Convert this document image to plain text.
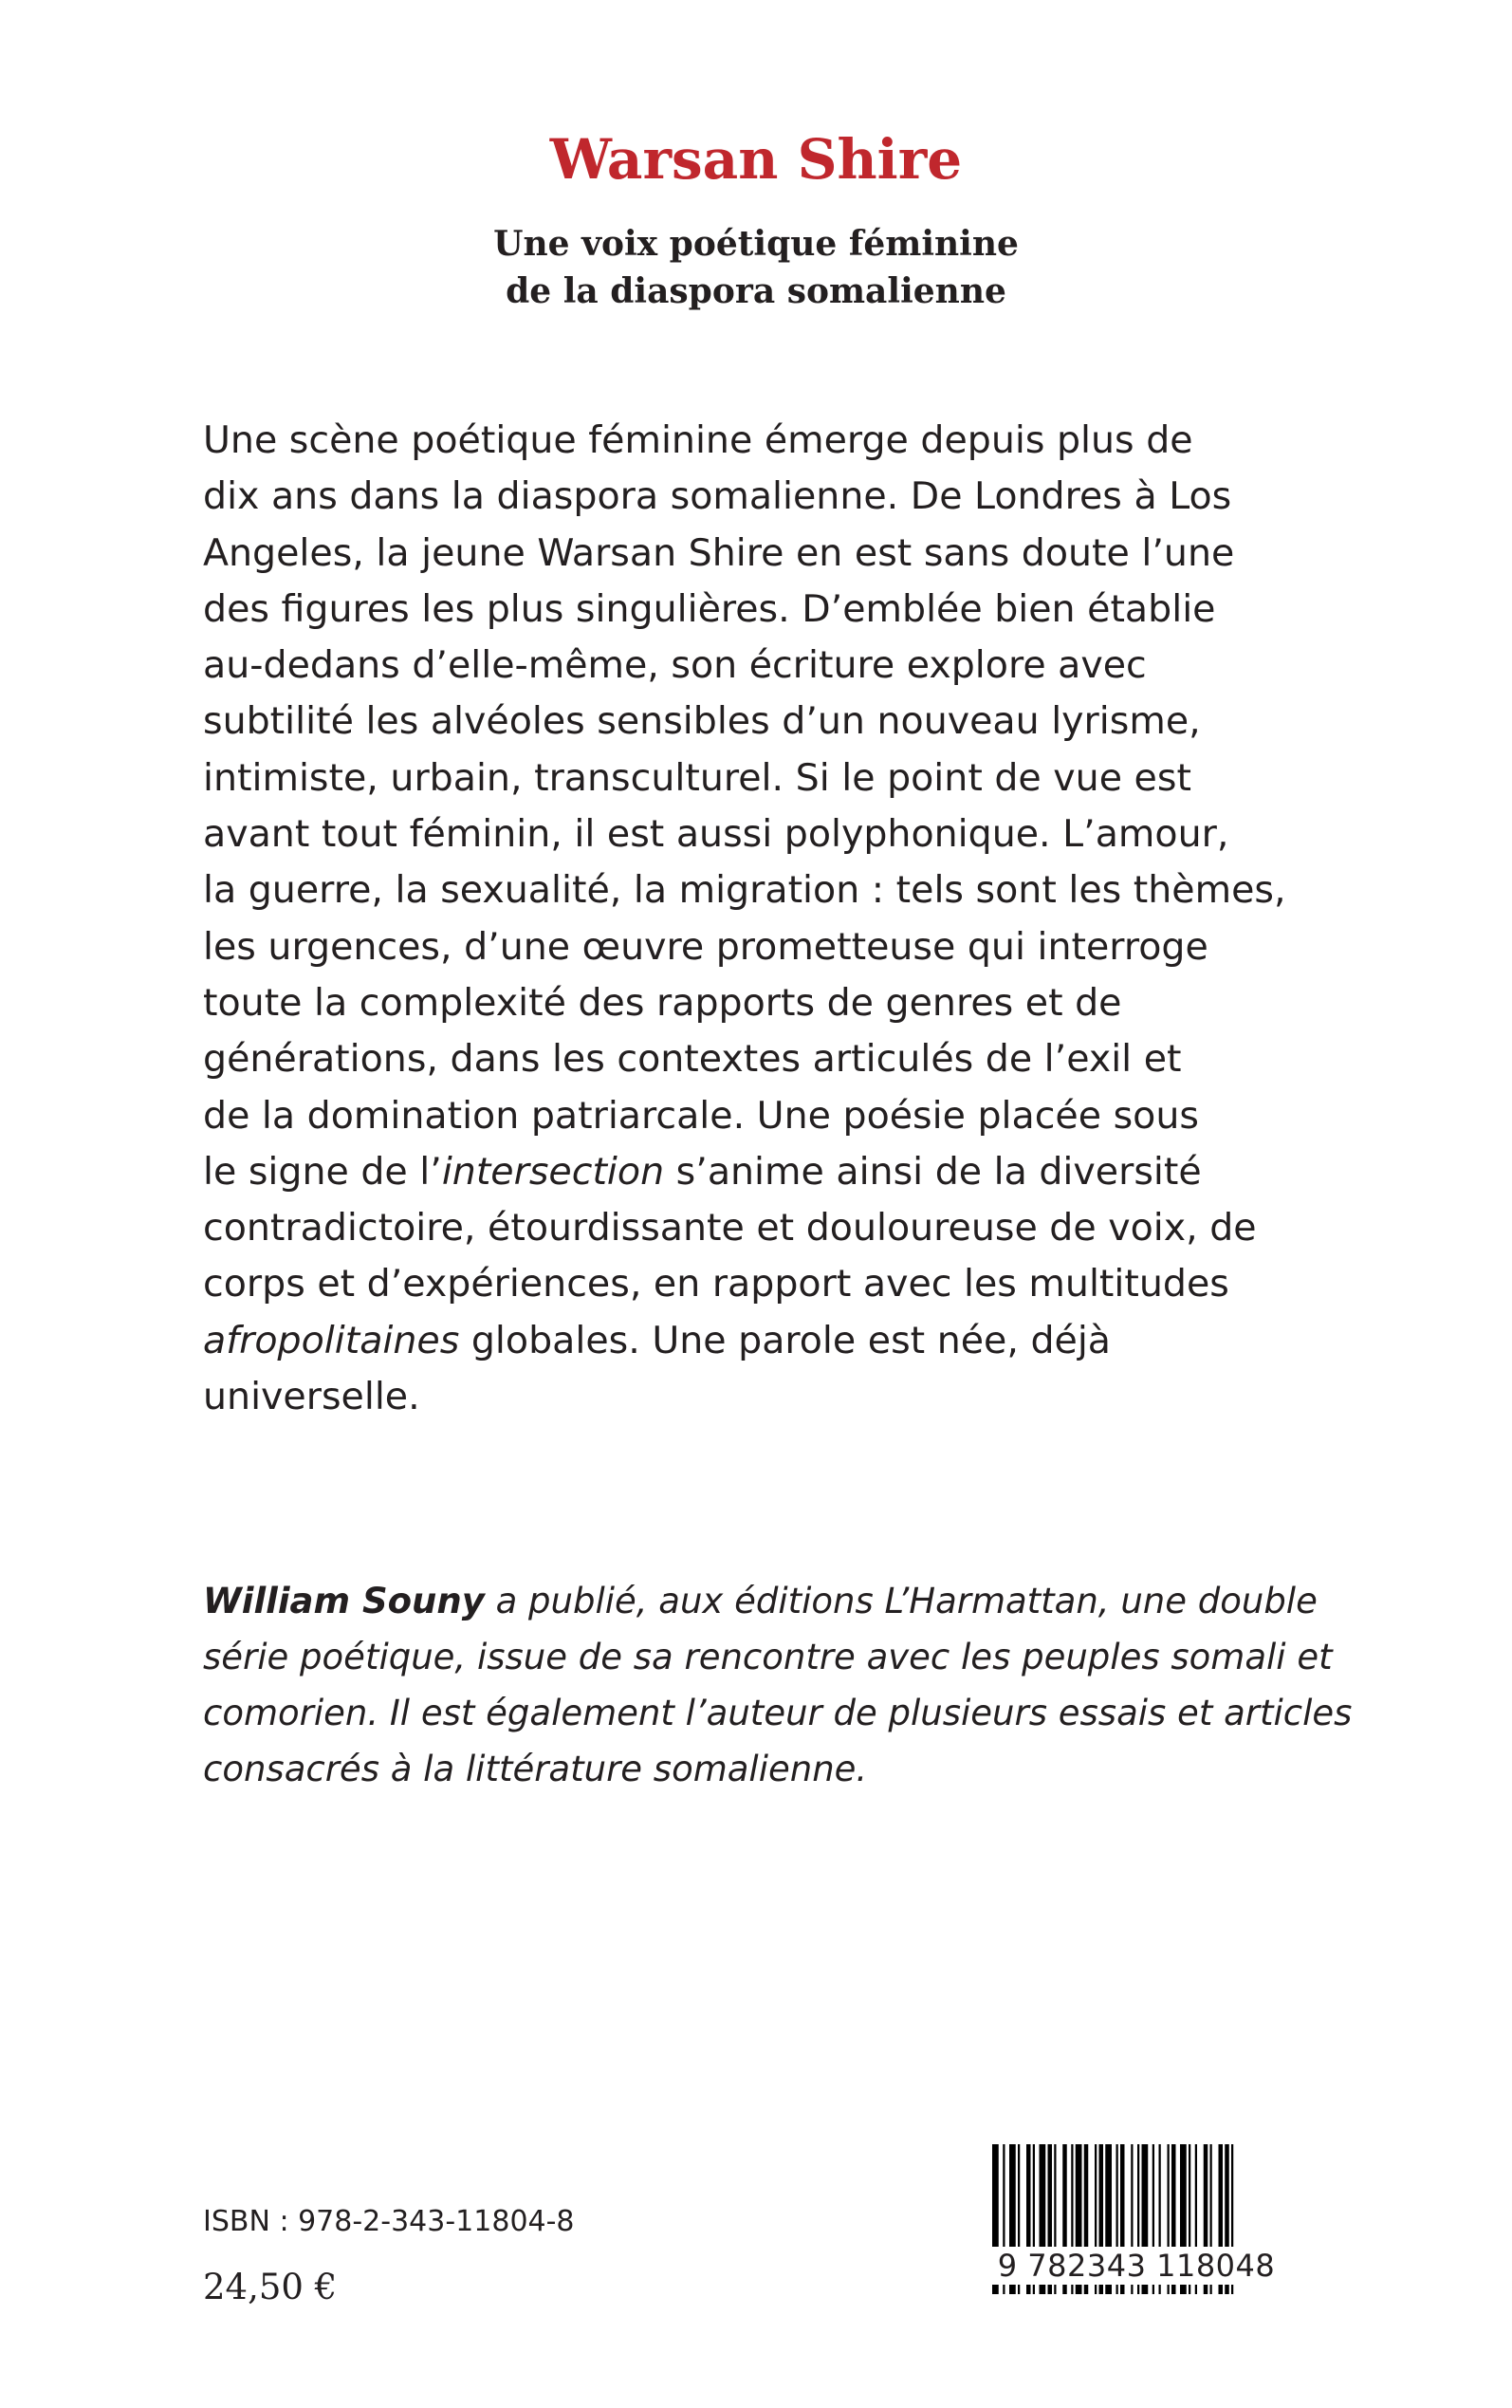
Warsan Shire
Une voix poétique féminine
de la diaspora somalienne
Une scène poétique féminine émerge depuis plus de
dix ans dans la diaspora somalienne. De Londres à Los
Angeles, la jeune Warsan Shire en est sans doute l’une
des figures les plus singulières. D’emblée bien établie
au-dedans d’elle-même, son écriture explore avec
subtilité les alvéoles sensibles d’un nouveau lyrisme,
intimiste, urbain, transculturel. Si le point de vue est
avant tout féminin, il est aussi polyphonique. L’amour,
la guerre, la sexualité, la migration : tels sont les thèmes,
les urgences, d’une œuvre prometteuse qui interroge
toute la complexité des rapports de genres et de
générations, dans les contextes articulés de l’exil et
de la domination patriarcale. Une poésie placée sous
le signe de l’intersection s’anime ainsi de la diversité
contradictoire, étourdissante et douloureuse de voix, de
corps et d’expériences, en rapport avec les multitudes
afropolitaines globales. Une parole est née, déjà
universelle.
William Souny a publié, aux éditions L’Harmattan, une double
série poétique, issue de sa rencontre avec les peuples somali et
comorien. Il est également l’auteur de plusieurs essais et articles
consacrés à la littérature somalienne.
ISBN : 978-2-343-11804-8
24,50 €
9 782343 118048
